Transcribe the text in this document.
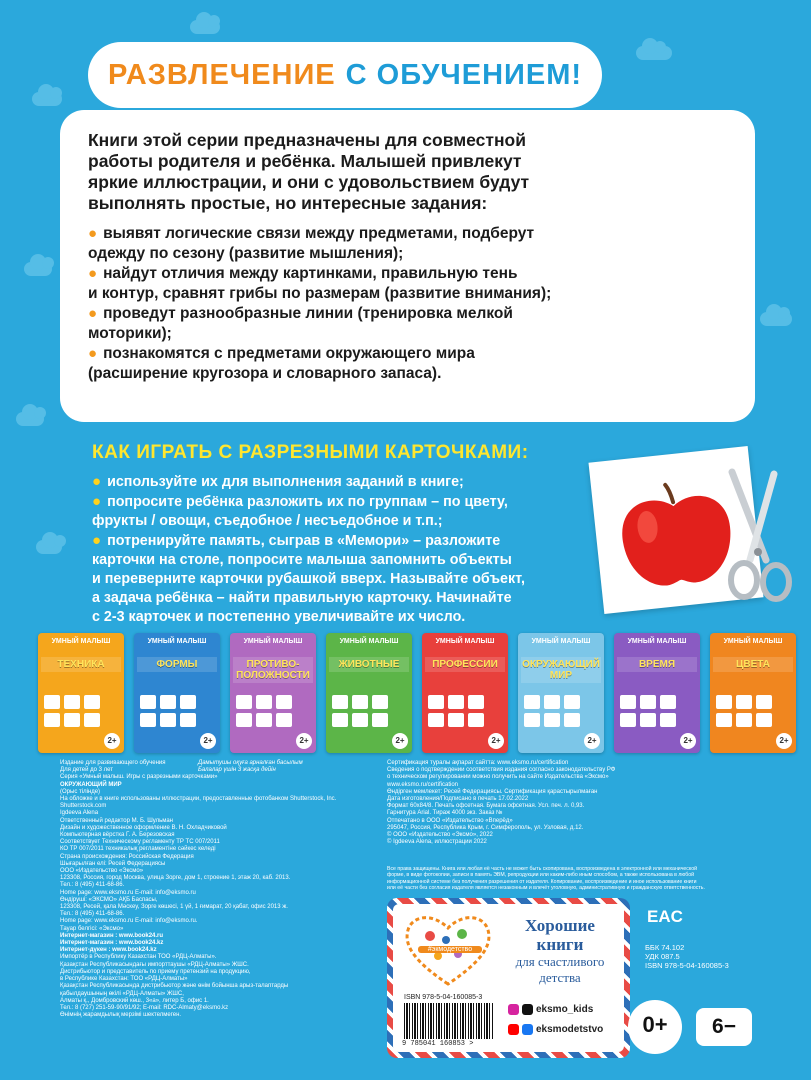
РАЗВЛЕЧЕНИЕ С ОБУЧЕНИЕМ!
Книги этой серии предназначены для совместной
работы родителя и ребёнка. Малышей привлекут
яркие иллюстрации, и они с удовольствием будут
выполнять простые, но интересные задания:
● выявят логические связи между предметами, подберут
одежду по сезону (развитие мышления);
● найдут отличия между картинками, правильную тень
и контур, сравнят грибы по размерам (развитие внимания);
● проведут разнообразные линии (тренировка мелкой
моторики);
● познакомятся с предметами окружающего мира
(расширение кругозора и словарного запаса).
КАК ИГРАТЬ С РАЗРЕЗНЫМИ КАРТОЧКАМИ:
● используйте их для выполнения заданий в книге;
● попросите ребёнка разложить их по группам – по цвету,
фрукты / овощи, съедобное / несъедобное и т.п.;
● потренируйте память, сыграв в «Мемори» – разложите
карточки на столе, попросите малыша запомнить объекты
и переверните карточки рубашкой вверх. Называйте объект,
а задача ребёнка – найти правильную карточку. Начинайте
с 2-3 карточек и постепенно увеличивайте их число.
УМНЫЙ МАЛЫШ
ТЕХНИКА
2+
УМНЫЙ МАЛЫШ
ФОРМЫ
2+
УМНЫЙ МАЛЫШ
ПРОТИВО-ПОЛОЖНОСТИ
2+
УМНЫЙ МАЛЫШ
ЖИВОТНЫЕ
2+
УМНЫЙ МАЛЫШ
ПРОФЕССИИ
2+
УМНЫЙ МАЛЫШ
ОКРУЖАЮЩИЙ МИР
2+
УМНЫЙ МАЛЫШ
ВРЕМЯ
2+
УМНЫЙ МАЛЫШ
ЦВЕТА
2+
Издание для развивающего обучения
Для детей до 3 лет
Серия «Умный малыш. Игры с разрезными карточками»
ОКРУЖАЮЩИЙ МИР
(Орыс тілінде)
На обложке и в книге использованы иллюстрации, предоставленные фотобанком Shutterstock, Inc.
Shutterstock.com
Igdeeva Alena
Ответственный редактор М. Б. Шульман
Дизайн и художественное оформление В. Н. Охладчиковой
Компьютерная вёрстка Г. А. Березовская
Соответствует Техническому регламенту ТР ТС 007/2011
КО ТР 007/2011 техникалық регламентіне сәйкес келеді
Страна происхождения: Российская Федерация
Шығарылған елі: Ресей Федерациясы
ООО «Издательство «Эксмо»
123308, Россия, город Москва, улица Зорге, дом 1, строение 1, этаж 20, каб. 2013.
Тел.: 8 (495) 411-68-86.
Home page: www.eksmo.ru E-mail: info@eksmo.ru
Өндіруші: «ЭКСМО» АҚБ Баспасы,
123308, Ресей, қала Мәскеу, Зорге көшесі, 1 үй, 1 ғимарат, 20 қабат, офис 2013 ж.
Тел.: 8 (495) 411-68-86.
Home page: www.eksmo.ru E-mail: info@eksmo.ru.
Тауар белгісі: «Эксмо»
Интернет-магазин : www.book24.ru
Интернет-магазин : www.book24.kz
Интернет-дүкен : www.book24.kz
Импортёр в Республику Казахстан ТОО «РДЦ-Алматы».
Қазақстан Республикасындағы импорттаушы «РДЦ-Алматы» ЖШС.
Дистрибьютор и представитель по приему претензий на продукцию,
в Республике Казахстан: ТОО «РДЦ-Алматы»
Қазақстан Республикасында дистрибьютор және өнім бойынша арыз-талаптарды
қабылдаушының өкілі «РДЦ-Алматы» ЖШС,
Алматы қ., Домбровский көш., 3«а», литер Б, офис 1.
Тел.: 8 (727) 251-59-90/91/92; E-mail: RDC-Almaty@eksmo.kz
Өнімнің жарамдылық мерзімі шектелмеген.
Дамытушы оқуға арналған басылым
Балалар үшін 3 жасқа дейін
Сертификация туралы ақпарат сайтта: www.eksmo.ru/certification
Сведения о подтверждении соответствия издания согласно законодательству РФ
о техническом регулировании можно получить на сайте Издательства «Эксмо»
www.eksmo.ru/certification
Өндірген мемлекет: Ресей Федерациясы. Сертификация қарастырылмаған
Дата изготовления/Подписано в печать 17.02.2022
Формат 60x84/8. Печать офсетная. Бумага офсетная. Усл. печ. л. 0,93.
Гарнитура Arial. Тираж 4000 экз. Заказ №
Отпечатано в ООО «Издательство «Вперёд»
295047, Россия, Республика Крым, г. Симферополь, ул. Узловая, д.12.
© ООО «Издательство «Эксмо», 2022
© Igdeeva Alena, иллюстрации 2022
Все права защищены. Книга или любая её часть не может быть скопирована, воспроизведена в электронной или механической
форме, в виде фотокопии, записи в память ЭВМ, репродукции или каким-либо иным способом, а также использована в любой
информационной системе без получения разрешения от издателя. Копирование, воспроизведение и иное использование книги
или её части без согласия издателя является незаконным и влечёт уголовную, административную и гражданскую ответственность.
#экмодетство
Хорошие
книги
для счастливого
детства
ISBN 978-5-04-160085-3
9 785041 160853 >
eksmo_kids
eksmodetstvo
EAC
ББК 74.102
УДК 087.5
ISBN 978-5-04-160085-3
0+	6−
